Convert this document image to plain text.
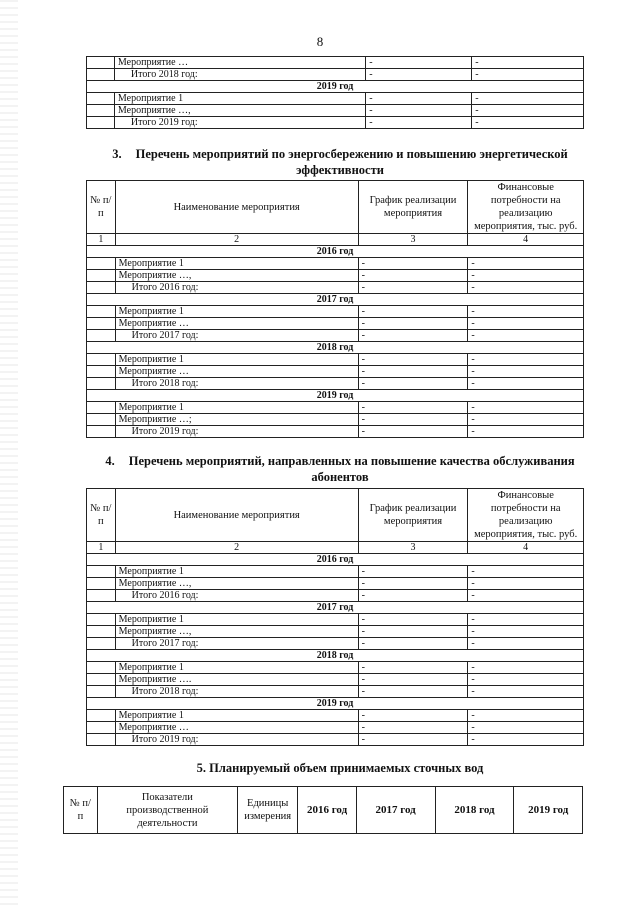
8
	Мероприятие …	-	-
	Итого 2018 год:	-	-
2019 год			
	Мероприятие 1	-	-
	Мероприятие …,	-	-
	Итого 2019 год:	-	-
3. Перечень мероприятий по энергосбережению и повышению энергетической
эффективности
№ п/п	Наименование мероприятия	График реализации мероприятия	Финансовые потребности на реализацию мероприятия, тыс. руб.
1	2	3	4
2016 год			
	Мероприятие 1	-	-
	Мероприятие …,	-	-
	Итого 2016 год:	-	-
2017 год			
	Мероприятие 1	-	-
	Мероприятие …	-	-
	Итого 2017 год:	-	-
2018 год			
	Мероприятие 1	-	-
	Мероприятие …	-	-
	Итого 2018 год:	-	-
2019 год			
	Мероприятие 1	-	-
	Мероприятие …;	-	-
	Итого 2019 год:	-	-
4. Перечень мероприятий, направленных на повышение качества обслуживания
абонентов
№ п/п	Наименование мероприятия	График реализации мероприятия	Финансовые потребности на реализацию мероприятия, тыс. руб.
1	2	3	4
2016 год			
	Мероприятие 1	-	-
	Мероприятие …,	-	-
	Итого 2016 год:	-	-
2017 год			
	Мероприятие 1	-	-
	Мероприятие …,	-	-
	Итого 2017 год:	-	-
2018 год			
	Мероприятие 1	-	-
	Мероприятие ….	-	-
	Итого 2018 год:	-	-
2019 год			
	Мероприятие 1	-	-
	Мероприятие …	-	-
	Итого 2019 год:	-	-
5. Планируемый объем принимаемых сточных вод
№ п/п	Показатели производственной деятельности	Единицы измерения	2016 год	2017 год	2018 год	2019 год
